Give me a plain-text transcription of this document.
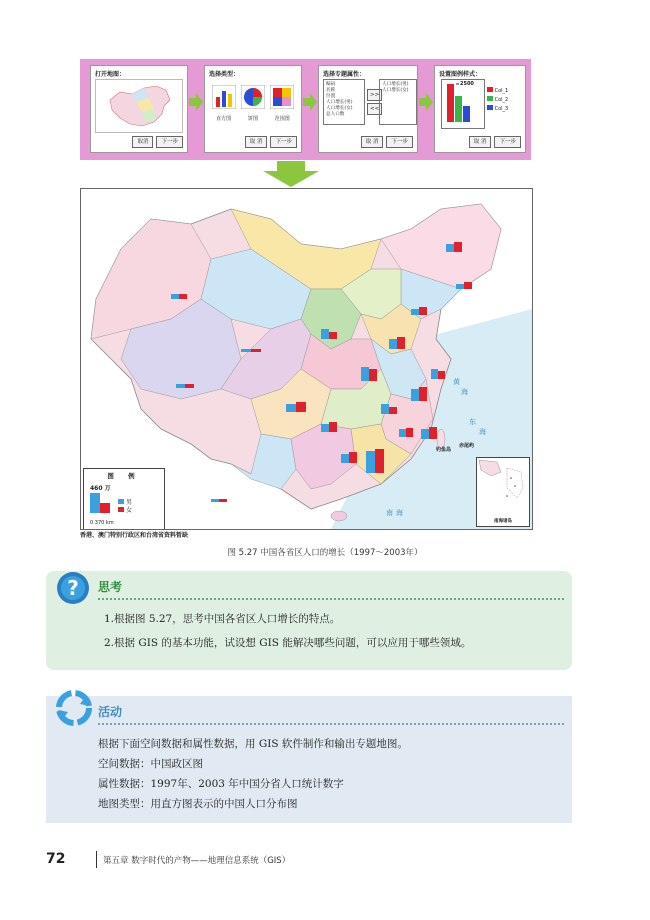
打开地图：
取消	下一步
选择类型：
直方图	饼图	范围图
取 消	下一步
选择专题属性：
编码
名称
位置
人口增长(男)
人口增长(女)
总人口数
>>
<<
人口增长(男)
人口增长(女)
取 消	下一步
设置图例样式：
2500
Col_1
Col_2
Col_3
取 消	下一步
黄
海
东
海
南 海
钓鱼岛
赤尾屿
图 例
460 万
男
女
0 370 km	南海诸岛
香港、澳门特别行政区和台湾省资料暂缺
图 5.27 中国各省区人口的增长（1997～2003年）
? 思考
1.根据图 5.27，思考中国各省区人口增长的特点。
2.根据 GIS 的基本功能，试设想 GIS 能解决哪些问题，可以应用于哪些领域。
活动
根据下面空间数据和属性数据，用 GIS 软件制作和输出专题地图。
空间数据：中国政区图
属性数据：1997年、2003 年中国分省人口统计数字
地图类型：用直方图表示的中国人口分布图
72	第五章 数字时代的产物——地理信息系统（GIS）
